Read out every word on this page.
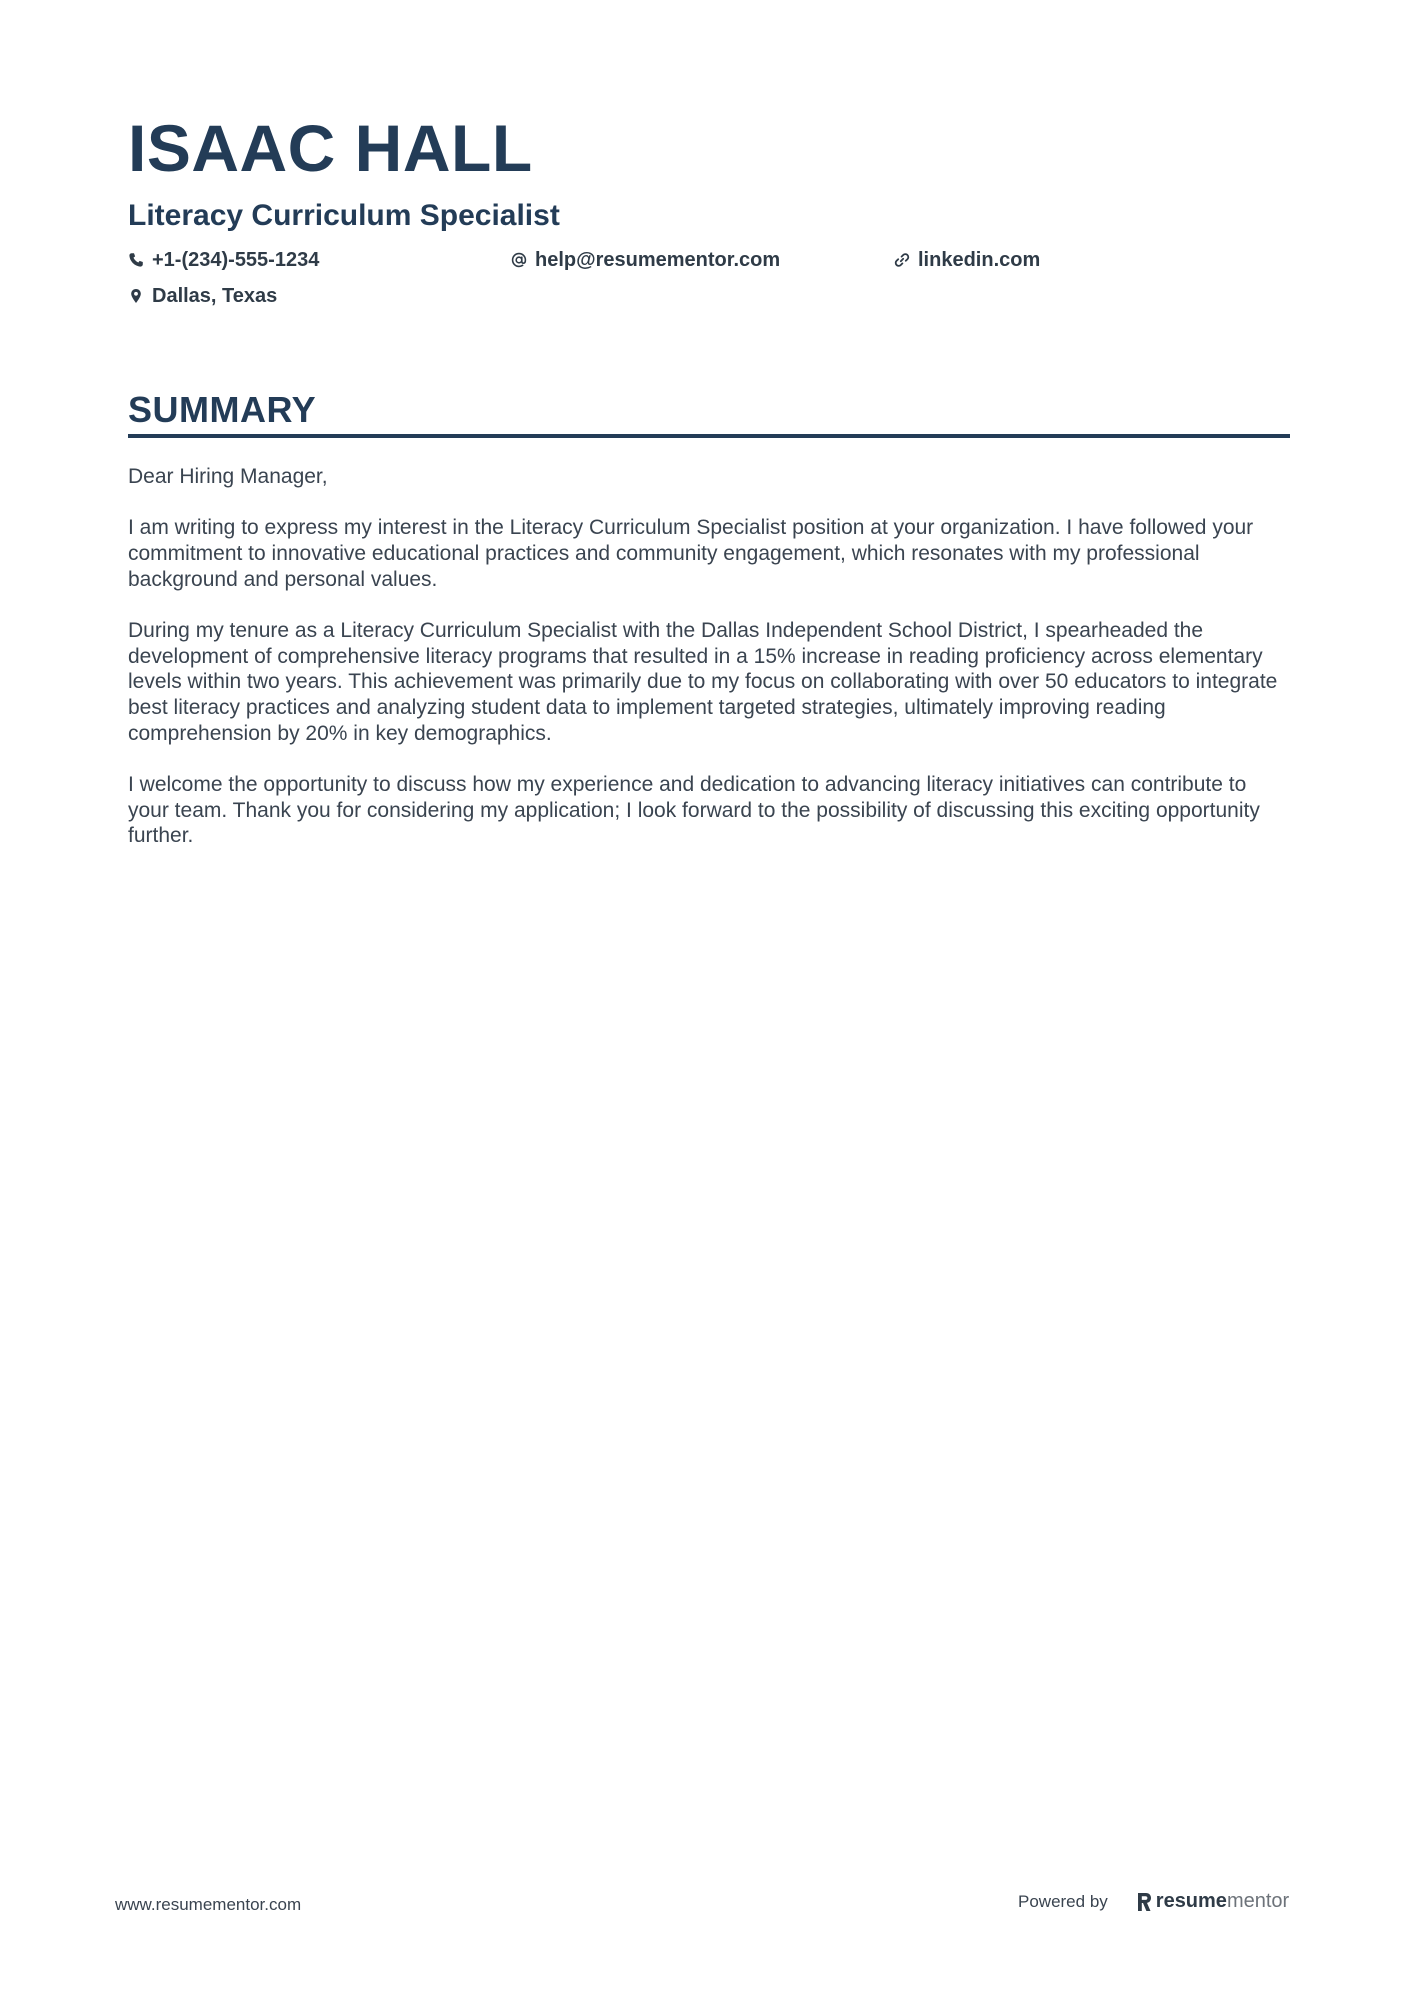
ISAAC HALL
Literacy Curriculum Specialist
+1-(234)-555-1234	help@resumementor.com	linkedin.com
Dallas, Texas
SUMMARY

Dear Hiring Manager,

I am writing to express my interest in the Literacy Curriculum Specialist position at your organization. I have followed your commitment to innovative educational practices and community engagement, which resonates with my professional background and personal values.

During my tenure as a Literacy Curriculum Specialist with the Dallas Independent School District, I spearheaded the development of comprehensive literacy programs that resulted in a 15% increase in reading proficiency across elementary levels within two years. This achievement was primarily due to my focus on collaborating with over 50 educators to integrate best literacy practices and analyzing student data to implement targeted strategies, ultimately improving reading comprehension by 20% in key demographics.

I welcome the opportunity to discuss how my experience and dedication to advancing literacy initiatives can contribute to your team. Thank you for considering my application; I look forward to the possibility of discussing this exciting opportunity further.

www.resumementor.com	Powered by resume mentor
